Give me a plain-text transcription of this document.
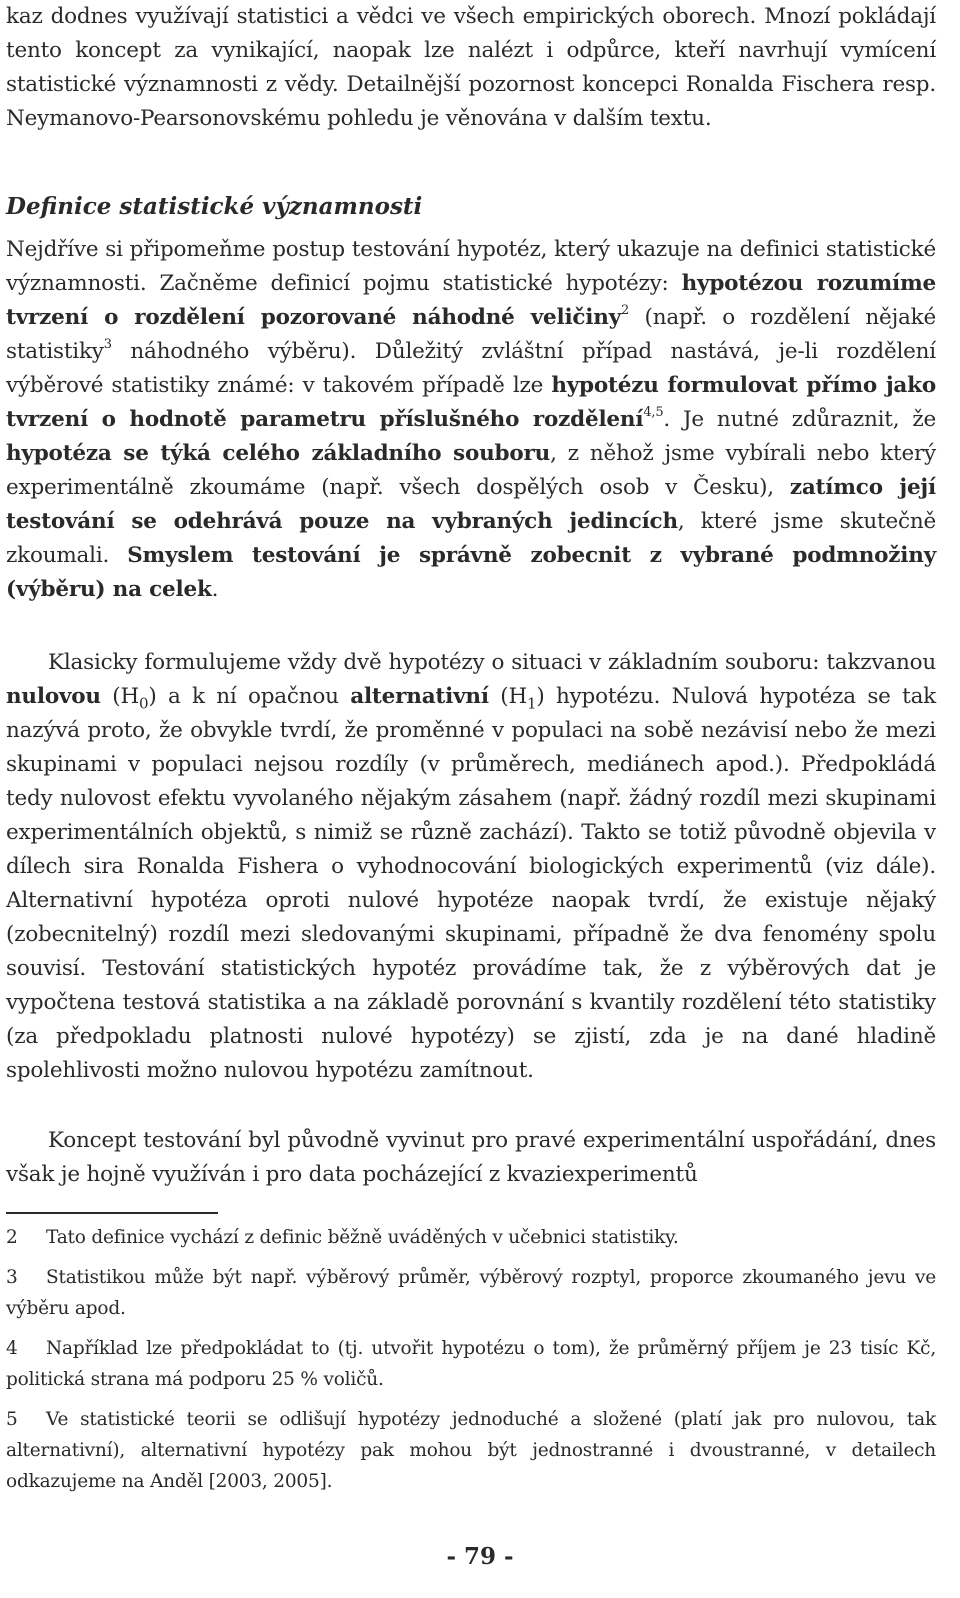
kaz dodnes využívají statistici a vědci ve všech empirických oborech. Mnozí pokládají tento koncept za vynikající, naopak lze nalézt i odpůrce, kteří navrhují vymícení statistické významnosti z vědy. Detailnější pozornost koncepci Ronalda Fischera resp. Neymanovo-Pearsonovskému pohledu je věnována v dalším textu.

Definice statistické významnosti

Nejdříve si připomeňme postup testování hypotéz, který ukazuje na definici statistické významnosti. Začněme definicí pojmu statistické hypotézy: hypotézou rozumíme tvrzení o rozdělení pozorované náhodné veličiny$^2$ (např. o rozdělení nějaké statistiky$^3$ náhodného výběru). Důležitý zvláštní případ nastává, je-li rozdělení výběrové statistiky známé: v takovém případě lze hypotézu formulovat přímo jako tvrzení o hodnotě parametru příslušného rozdělení$^{4,5}$. Je nutné zdůraznit, že hypotéza se týká celého základního souboru, z něhož jsme vybírali nebo který experimentálně zkoumáme (např. všech dospělých osob v Česku), zatímco její testování se odehrává pouze na vybraných jedincích, které jsme skutečně zkoumali. Smyslem testování je správně zobecnit z vybrané podmnožiny (výběru) na celek.

Klasicky formulujeme vždy dvě hypotézy o situaci v základním souboru: takzvanou nulovou $(H_0)$ a k ní opačnou alternativní $(H_1)$ hypotézu. Nulová hypotéza se tak nazývá proto, že obvykle tvrdí, že proměnné v populaci na sobě nezávisí nebo že mezi skupinami v populaci nejsou rozdíly (v průměrech, mediánech apod.). Předpokládá tedy nulovost efektu vyvolaného nějakým zásahem (např. žádný rozdíl mezi skupinami experimentálních objektů, s nimiž se různě zachází). Takto se totiž původně objevila v dílech sira Ronalda Fishera o vyhodnocování biologických experimentů (viz dále). Alternativní hypotéza oproti nulové hypotéze naopak tvrdí, že existuje nějaký (zobecnitelný) rozdíl mezi sledovanými skupinami, případně že dva fenomény spolu souvisí. Testování statistických hypotéz provádíme tak, že z výběrových dat je vypočtena testová statistika a na základě porovnání s kvantily rozdělení této statistiky (za předpokladu platnosti nulové hypotézy) se zjistí, zda je na dané hladině spolehlivosti možno nulovou hypotézu zamítnout.

Koncept testování byl původně vyvinut pro pravé experimentální uspořádání, dnes však je hojně využíván i pro data pocházející z kvaziexperimentů

2 Tato definice vychází z definic běžně uváděných v učebnici statistiky.

3 Statistikou může být např. výběrový průměr, výběrový rozptyl, proporce zkoumaného jevu ve výběru apod.

4 Například lze předpokládat to (tj. utvořit hypotézu o tom), že průměrný příjem je 23 tisíc Kč, politická strana má podporu 25 % voličů.

5 Ve statistické teorii se odlišují hypotézy jednoduché a složené (platí jak pro nulovou, tak alternativní), alternativní hypotézy pak mohou být jednostranné i dvoustranné, v detailech odkazujeme na Anděl [2003, 2005].

- 79 -
